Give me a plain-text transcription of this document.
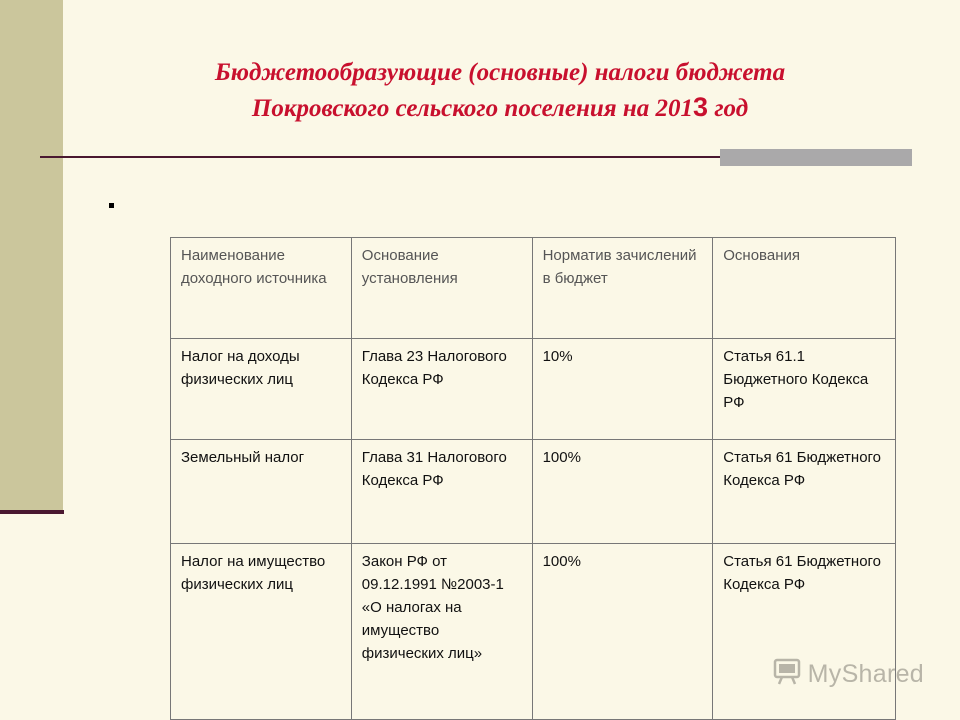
Бюджетообразующие (основные) налоги бюджета
Покровского сельского поселения на 2013 год
Наименование доходного источника	Основание установления	Норматив зачислений в бюджет	Основания
Налог на доходы физических лиц	Глава 23 Налогового Кодекса РФ	10%	Статья 61.1 Бюджетного Кодекса РФ
Земельный налог	Глава 31 Налогового Кодекса РФ	100%	Статья 61 Бюджетного Кодекса РФ
Налог на имущество физических лиц	Закон РФ от 09.12.1991 №2003-1 «О налогах на имущество физических лиц»	100%	Статья 61 Бюджетного Кодекса РФ
MyShared
